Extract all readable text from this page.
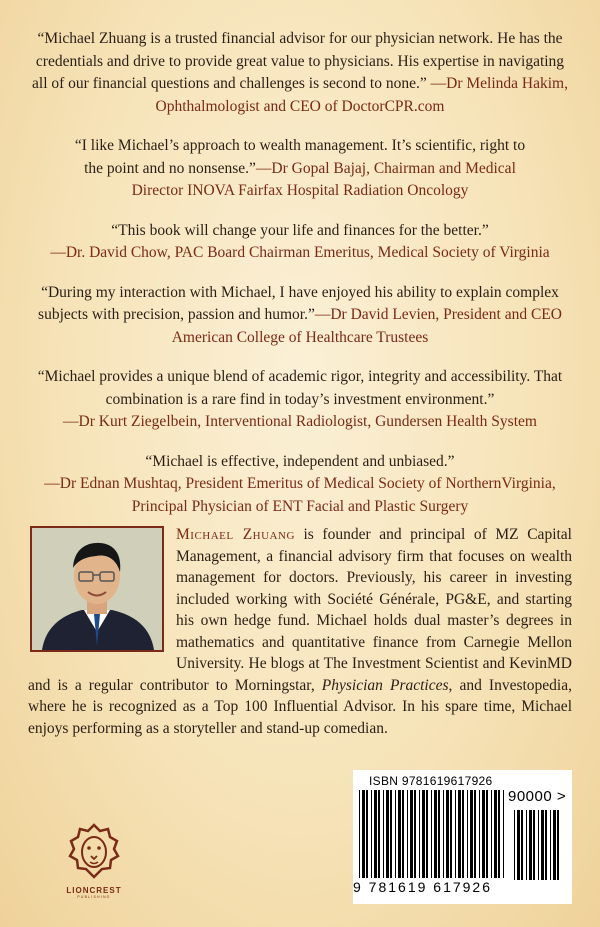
“Michael Zhuang is a trusted financial advisor for our physician network. He has the credentials and drive to provide great value to physicians. His expertise in navigating all of our financial questions and challenges is second to none.” —Dr Melinda Hakim, Ophthalmologist and CEO of DoctorCPR.com

“I like Michael’s approach to wealth management. It’s scientific, right to the point and no nonsense.”—Dr Gopal Bajaj, Chairman and Medical Director INOVA Fairfax Hospital Radiation Oncology

“This book will change your life and finances for the better.”
—Dr. David Chow, PAC Board Chairman Emeritus, Medical Society of Virginia

“During my interaction with Michael, I have enjoyed his ability to explain complex subjects with precision, passion and humor.”—Dr David Levien, President and CEO American College of Healthcare Trustees

“Michael provides a unique blend of academic rigor, integrity and accessibility. That combination is a rare find in today’s investment environment.”
—Dr Kurt Ziegelbein, Interventional Radiologist, Gundersen Health System

“Michael is effective, independent and unbiased.”
—Dr Ednan Mushtaq, President Emeritus of Medical Society of NorthernVirginia, Principal Physician of ENT Facial and Plastic Surgery

Michael Zhuang is founder and principal of MZ Capital Management, a financial advisory firm that focuses on wealth management for doctors. Previously, his career in investing included working with Société Générale, PG&E, and starting his own hedge fund. Michael holds dual master’s degrees in mathematics and quantitative finance from Carnegie Mellon University. He blogs at The Investment Scientist and KevinMD and is a regular contributor to Morningstar, Physician Practices, and Investopedia, where he is recognized as a Top 100 Influential Advisor. In his spare time, Michael enjoys performing as a storyteller and stand-up comedian.

LIONCREST
PUBLISHING
ISBN 9781619617926
90000 >
9 781619 617926
